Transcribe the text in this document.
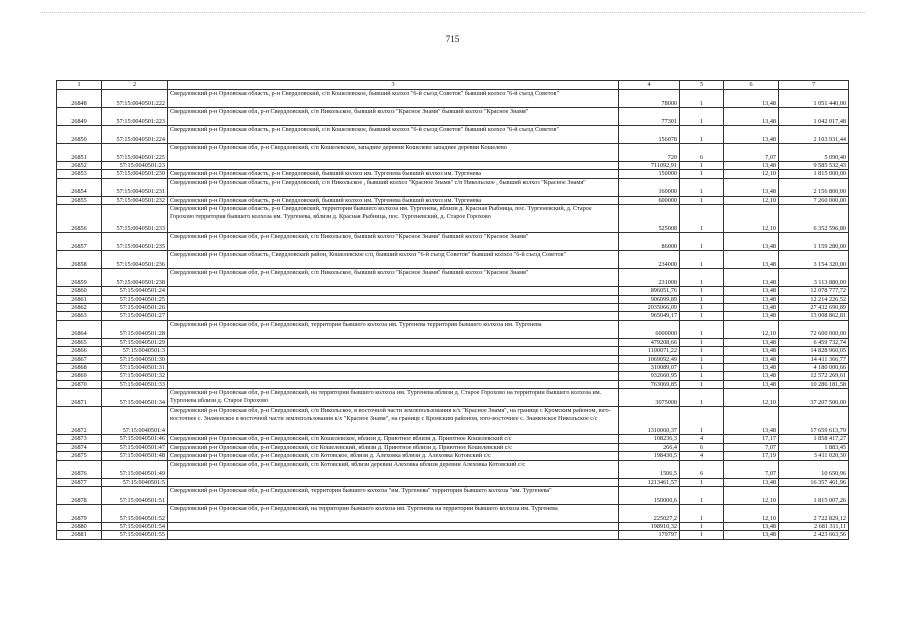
715
1	2	3	4	5	6	7
26848	57:15:0040501:222	Свердловский р-н Орловская область, р-н Свердловский, с/п Кошелевское, бывший колхоз "6-й съезд Советов" бывший колхоз "6-й съезд Советов"	78000	1	13,48	1 051 440,00
26849	57:15:0040501:223	Свердловский р-н Орловская обл, р-н Свердловский, с/п Никольское, бывший колхоз "Красное Знамя" бывший колхоз "Красное Знамя"	77301	1	13,48	1 042 017,48
26850	57:15:0040501:224	Свердловский р-н Орловская область, р-н Свердловский, с/п Кошелевское, бывший колхоз "6-й съезд Советов" бывший колхоз "6-й съезд Советов"	156078	1	13,48	2 103 931,44
26851	57:15:0040501:225	Свердловский р-н Орловская обл, р-н Свердловский, с/п Кошелевское, западнее деревни Кошелево западнее деревни Кошелево	720	6	7,07	5 090,40
26852	57:15:0040501:23		711092,91	1	13,48	9 585 532,43
26853	57:15:0040501:230	Свердловский р-н Орловская область, р-н Свердловский, бывший колхоз им. Тургенева бывший колхоз им. Тургенева	150000	1	12,10	1 815 000,00
26854	57:15:0040501:231	Свердловский р-н Орловская область, р-н Свердловский, с/п Никольское , бывший колхоз "Красное Знамя" с/п Никольское , бывший колхоз "Красное Знамя"	160000	1	13,48	2 156 800,00
26855	57:15:0040501:232	Свердловский р-н Орловская область, р-н Свердловский, бывший колхоз им. Тургенева бывший колхоз им. Тургенева	600000	1	12,10	7 260 000,00
26856	57:15:0040501:233	Свердловский р-н Орловская область, р-н Свердловский, территория бывшего колхоза им. Тургенева, вблизи д. Красная Рыбница, пос. Тургеневский, д. Старое Горохово территория бывшего колхоза им. Тургенева, вблизи д. Красная Рыбница, пос. Тургеневский, д. Старое Горохово	525008	1	12,10	6 352 596,80
26857	57:15:0040501:235	Свердловский р-н Орловская обл, р-н Свердловский, с/п Никольское, бывший колхоз "Красное Знамя" бывший колхоз "Красное Знамя"	86000	1	13,48	1 159 280,00
26858	57:15:0040501:236	Свердловский р-н Орловская область, Свердловский район, Кошелевское с/п, бывший колхоз "6-й съезд Советов" бывший колхоз "6-й съезд Советов"	234000	1	13,48	3 154 320,00
26859	57:15:0040501:238	Свердловский р-н Орловская обл, р-н Свердловский, с/п Никольское, бывший колхоз "Красное Знамя" бывший колхоз "Красное Знамя"	231000	1	13,48	3 113 880,00
26860	57:15:0040501:24		896051,76	1	13,48	12 078 777,72
26861	57:15:0040501:25		906099,89	1	13,48	12 214 226,52
26862	57:15:0040501:26		2035066,09	1	13,48	27 432 690,89
26863	57:15:0040501:27		965049,17	1	13,48	13 008 862,81
26864	57:15:0040501:28	Свердловский р-н Орловская обл, р-н Свердловский, территория бывшего колхоза им. Тургенева территория бывшего колхоза им. Тургенева	6000000	1	12,10	72 600 000,00
26865	57:15:0040501:29		479208,66	1	13,48	6 459 732,74
26866	57:15:0040501:3		1100071,22	1	13,48	14 828 960,05
26867	57:15:0040501:30		1069092,49	1	13,48	14 411 366,77
26868	57:15:0040501:31		310089,07	1	13,48	4 180 000,66
26869	57:15:0040501:32		932660,95	1	13,48	12 572 269,61
26870	57:15:0040501:33		763069,85	1	13,48	10 286 181,58
26871	57:15:0040501:34	Свердловский р-н Орловская обл, р-н Свердловский, на территории бывшего колхоза им. Тургенева вблизи д. Старое Горохово на территории бывшего колхоза им. Тургенева вблизи д. Старое Горохово	3075000	1	12,10	37 207 500,00
26872	57:15:0040501:4	Свердловский р-н Орловская обл, р-н Свердловский, с/п Никольское, в восточной части землепользования к/х "Красное Знамя", на границе с Кромским районом, юго-восточнее с. Знаменское в восточной части землепользования к/х "Красное Знамя", на границе с Кромским районом, юго-восточнее с. Знаменское Никольское с/с	1310060,37	1	13,48	17 659 613,79
26873	57:15:0040501:46	Свердловский р-н Орловская обл, р-н Свердловский, с/п Кошелевское, вблизи д. Приютное вблизи д. Приютное Кошелевский с/с	108236,3	4	17,17	1 858 417,27
26874	57:15:0040501:47	Свердловский р-н Орловская обл, р-н Свердловский, с/с Кошелевский, вблизи д. Приютное вблизи д. Приютное Кошелевский с/с	266,4	6	7,07	1 883,45
26875	57:15:0040501:48	Свердловский р-н Орловская обл, р-н Свердловский, с/п Котовское, вблизи д. Алеховка вблизи д. Алеховка Котовский с/с	198430,5	4	17,19	3 411 020,30
26876	57:15:0040501:49	Свердловский р-н Орловская обл, р-н Свердловский, с/п Котовский, вблизи деревни Алеховка вблизи деревни Алеховка Котовский с/с	1506,5	6	7,07	10 650,96
26877	57:15:0040501:5		1213461,57	1	13,48	16 357 461,96
26878	57:15:0040501:51	Свердловский р-н Орловская обл, р-н Свердловский, территория бывшего колхоза "им. Тургенева" территория бывшего колхоза "им. Тургенева"	150000,6	1	12,10	1 815 007,26
26879	57:15:0040501:52	Свердловский р-н Орловская обл, р-н Свердловский, на территории бывшего колхоза им. Тургенева на территории бывшего колхоза им. Тургенева	225027,2	1	12,10	2 722 829,12
26880	57:15:0040501:54		198910,32	1	13,48	2 681 311,11
26881	57:15:0040501:55		179797	1	13,48	2 423 663,56
